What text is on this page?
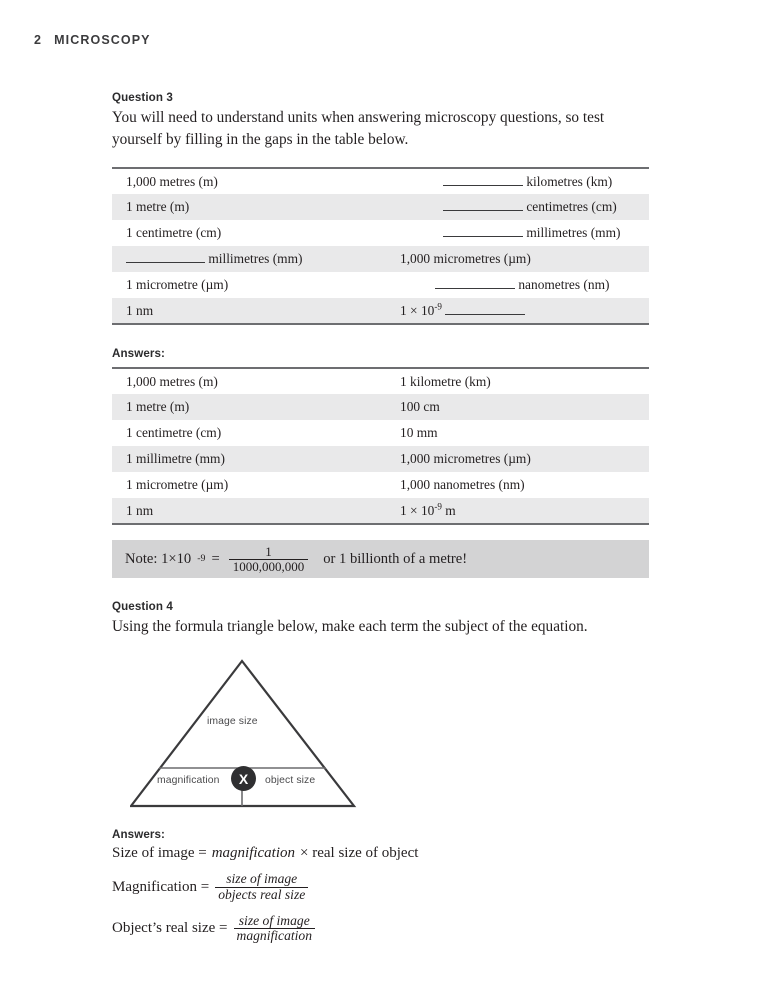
2 MICROSCOPY

Question 3

You will need to understand units when answering microscopy questions, so test yourself by filling in the gaps in the table below.

1,000 metres (m)	kilometres (km)
1 metre (m)	centimetres (cm)
1 centimetre (cm)	millimetres (mm)
millimetres (mm)	1,000 micrometres (µm)
1 micrometre (µm)	nanometres (nm)
1 nm	$1 \times 10^{-9}$
Answers:
1,000 metres (m)	1 kilometre (km)
1 metre (m)	100 cm
1 centimetre (cm)	10 mm
1 millimetre (mm)	1,000 micrometres (µm)
1 micrometre (µm)	1,000 nanometres (nm)
1 nm	$1 \times 10^{-9}$ m
Note: 1×10 $-9 = \frac{1}{1000,000,000}$ or 1 billionth of a metre!

Question 4

Using the formula triangle below, make each term the subject of the equation.

image size
magnification	object size
X
Answers:
Size of image = magnification × real size of object
Magnification = $\frac{\text{size of image}}{\text{objects real size}}$
Object’s real size = $\frac{\text{size of image}}{\text{magnification}}$
